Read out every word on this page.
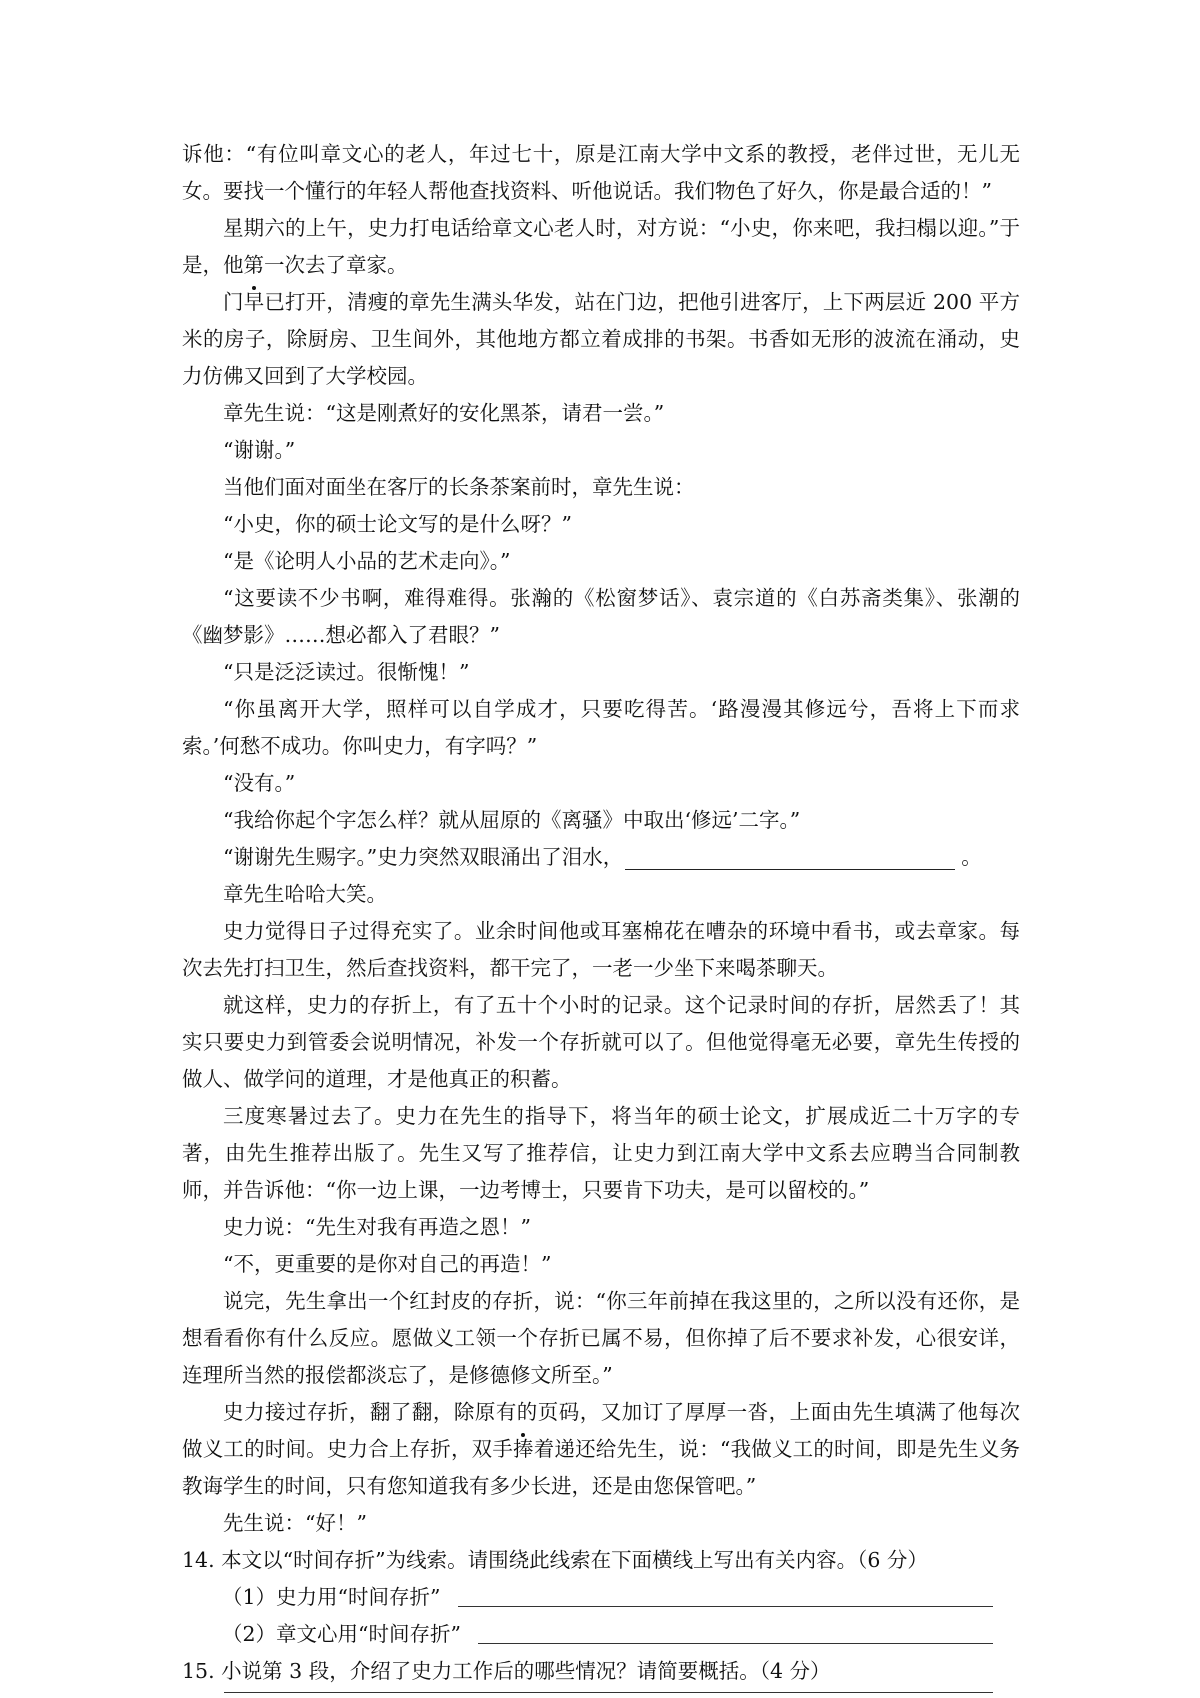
诉他：“有位叫章文心的老人，年过七十，原是江南大学中文系的教授，老伴过世，无儿无女。要找一个懂行的年轻人帮他查找资料、听他说话。我们物色了好久，你是最合适的！”

星期六的上午，史力打电话给章文心老人时，对方说：“小史，你来吧，我扫榻以迎。”于是，他第一次去了章家。

门早已打开，清瘦的章先生满头华发，站在门边，把他引进客厅，上下两层近 200 平方米的房子，除厨房、卫生间外，其他地方都立着成排的书架。书香如无形的波流在涌动，史力仿佛又回到了大学校园。

章先生说：“这是刚煮好的安化黑茶，请君一尝。”

“谢谢。”

当他们面对面坐在客厅的长条茶案前时，章先生说：

“小史，你的硕士论文写的是什么呀？”

“是《论明人小品的艺术走向》。”

“这要读不少书啊，难得难得。张瀚的《松窗梦话》、袁宗道的《白苏斋类集》、张潮的《幽梦影》……想必都入了君眼？”

“只是泛泛读过。很惭愧！”

“你虽离开大学，照样可以自学成才，只要吃得苦。‘路漫漫其修远兮，吾将上下而求索。’何愁不成功。你叫史力，有字吗？”

“没有。”

“我给你起个字怎么样？就从屈原的《离骚》中取出‘修远’二字。”

“谢谢先生赐字。”史力突然双眼涌出了泪水，	。

章先生哈哈大笑。

史力觉得日子过得充实了。业余时间他或耳塞棉花在嘈杂的环境中看书，或去章家。每次去先打扫卫生，然后查找资料，都干完了，一老一少坐下来喝茶聊天。

就这样，史力的存折上，有了五十个小时的记录。这个记录时间的存折，居然丢了！其实只要史力到管委会说明情况，补发一个存折就可以了。但他觉得毫无必要，章先生传授的做人、做学问的道理，才是他真正的积蓄。

三度寒暑过去了。史力在先生的指导下，将当年的硕士论文，扩展成近二十万字的专著，由先生推荐出版了。先生又写了推荐信，让史力到江南大学中文系去应聘当合同制教师，并告诉他：“你一边上课，一边考博士，只要肯下功夫，是可以留校的。”

史力说：“先生对我有再造之恩！”

“不，更重要的是你对自己的再造！”

说完，先生拿出一个红封皮的存折，说：“你三年前掉在我这里的，之所以没有还你，是想看看你有什么反应。愿做义工领一个存折已属不易，但你掉了后不要求补发，心很安详，连理所当然的报偿都淡忘了，是修德修文所至。”

史力接过存折，翻了翻，除原有的页码，又加订了厚厚一沓，上面由先生填满了他每次做义工的时间。史力合上存折，双手捧着递还给先生，说：“我做义工的时间，即是先生义务教诲学生的时间，只有您知道我有多少长进，还是由您保管吧。”

先生说：“好！”

14. 本文以“时间存折”为线索。请围绕此线索在下面横线上写出有关内容。（6 分）

（1）史力用“时间存折”

（2）章文心用“时间存折”

15. 小说第 3 段，介绍了史力工作后的哪些情况？请简要概括。（4 分）
